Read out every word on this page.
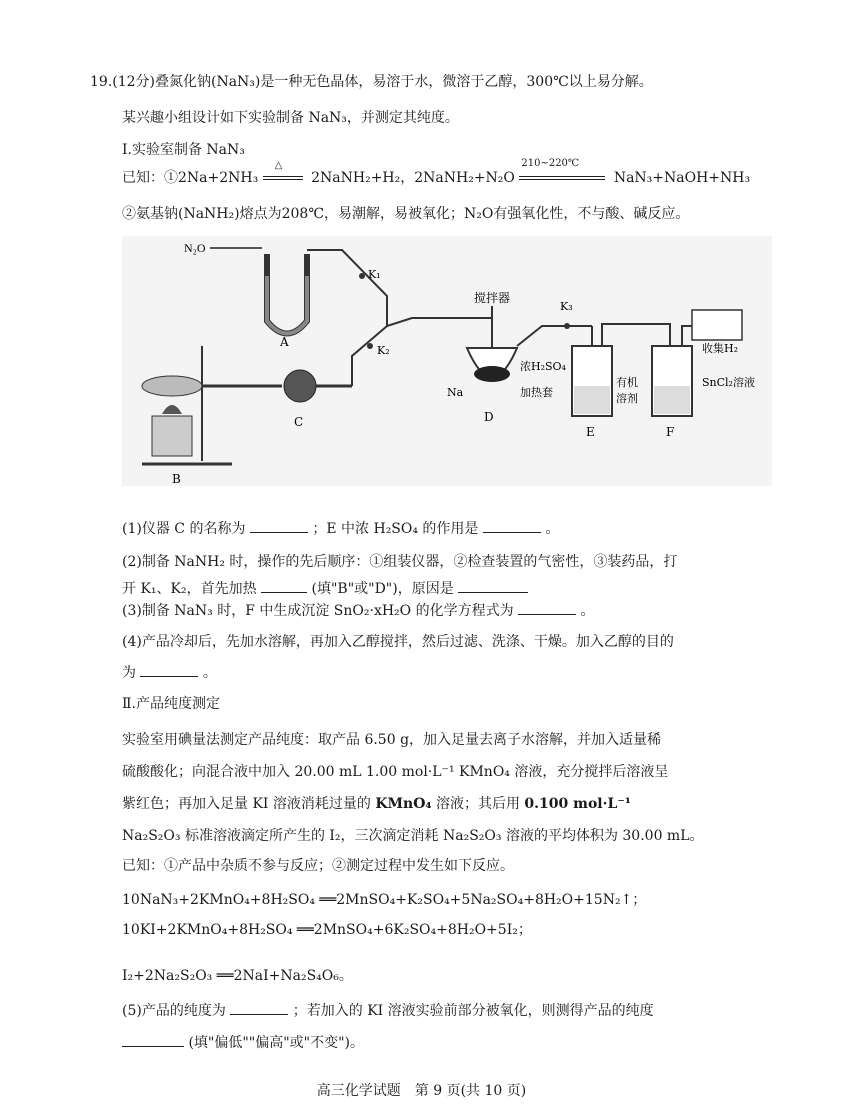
19.(12分)叠氮化钠(NaN₃)是一种无色晶体，易溶于水，微溶于乙醇，300℃以上易分解。
某兴趣小组设计如下实验制备 NaN₃，并测定其纯度。
Ⅰ.实验室制备 NaN₃
已知：①2Na+2NH₃
△
2NaNH₂+H₂，2NaNH₂+N₂O
210~220℃
NaN₃+NaOH+NH₃
②氨基钠(NaNH₂)熔点为208℃，易潮解，易被氧化；N₂O有强氧化性，不与酸、碱反应。
N₂O
A
K₁
K₂
B
C
搅拌器
Na
D
浓H₂SO₄
加热套
K₃
E
有机
溶剂
F
收集H₂
SnCl₂溶液
(1)仪器 C 的名称为	；E 中浓 H₂SO₄ 的作用是	。
(2)制备 NaNH₂ 时，操作的先后顺序：①组装仪器，②检查装置的气密性，③装药品，打
开 K₁、K₂，首先加热	(填"B"或"D")，原因是
(3)制备 NaN₃ 时，F 中生成沉淀 SnO₂·xH₂O 的化学方程式为	。
(4)产品冷却后，先加水溶解，再加入乙醇搅拌，然后过滤、洗涤、干燥。加入乙醇的目的
为	。
Ⅱ.产品纯度测定
实验室用碘量法测定产品纯度：取产品 6.50 g，加入足量去离子水溶解，并加入适量稀
硫酸酸化；向混合液中加入 20.00 mL 1.00 mol·L⁻¹ KMnO₄ 溶液，充分搅拌后溶液呈
紫红色；再加入足量 KI 溶液消耗过量的 KMnO₄ 溶液；其后用 0.100 mol·L⁻¹
Na₂S₂O₃ 标准溶液滴定所产生的 I₂，三次滴定消耗 Na₂S₂O₃ 溶液的平均体积为 30.00 mL。
已知：①产品中杂质不参与反应；②测定过程中发生如下反应。
10NaN₃+2KMnO₄+8H₂SO₄ ══2MnSO₄+K₂SO₄+5Na₂SO₄+8H₂O+15N₂↑；
10KI+2KMnO₄+8H₂SO₄ ══2MnSO₄+6K₂SO₄+8H₂O+5I₂；
I₂+2Na₂S₂O₃ ══2NaI+Na₂S₄O₆。
(5)产品的纯度为	；若加入的 KI 溶液实验前部分被氧化，则测得产品的纯度
(填"偏低""偏高"或"不变")。
高三化学试题　第 9 页(共 10 页)
